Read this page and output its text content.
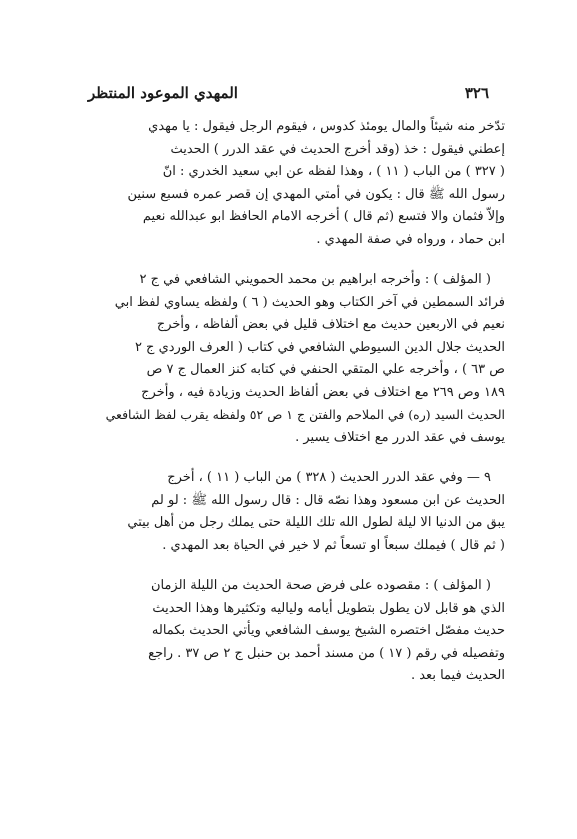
٣٢٦
المهدي الموعود المنتظر

تدّخر منه شيئاً والمال يومئذ كدوس ، فيقوم الرجل فيقول : يا مهدي
إعطني فيقول : خذ (وقد أخرج الحديث في عقد الدرر ) الحديث
( ٣٢٧ ) من الباب ( ١١ ) ، وهذا لفظه عن ابي سعيد الخدري : انّ
رسول الله ﷺ قال : يكون في أمتي المهدي إن قصر عمره فسبع سنين
وإلاّ فثمان والا فتسع (ثم قال ) أخرجه الامام الحافظ ابو عبدالله نعيم
ابن حماد ، ورواه في صفة المهدي .

( المؤلف ) : وأخرجه ابراهيم بن محمد الحمويني الشافعي في ج ٢
فرائد السمطين في آخر الكتاب وهو الحديث ( ٦ ) ولفظه يساوي لفظ ابي
نعيم في الاربعين حديث مع اختلاف قليل في بعض ألفاظه ، وأخرج
الحديث جلال الدين السيوطي الشافعي في كتاب ( العرف الوردي ج ٢
ص ٦٣ ) ، وأخرجه علي المتقي الحنفي في كتابه كنز العمال ج ٧ ص
١٨٩ وص ٢٦٩ مع اختلاف في بعض ألفاظ الحديث وزيادة فيه ، وأخرج
الحديث السيد (ره) في الملاحم والفتن ج ١ ص ٥٢ ولفظه يقرب لفظ الشافعي
يوسف في عقد الدرر مع اختلاف يسير .

٩ — وفي عقد الدرر الحديث ( ٣٢٨ ) من الباب ( ١١ ) ، أخرج
الحديث عن ابن مسعود وهذا نصّه قال : قال رسول الله ﷺ : لو لم
يبق من الدنيا الا ليلة لطول الله تلك الليلة حتى يملك رجل من أهل بيتي
( ثم قال ) فيملك سبعاً او تسعاً ثم لا خير في الحياة بعد المهدي .

( المؤلف ) : مقصوده على فرض صحة الحديث من الليلة الزمان
الذي هو قابل لان يطول بتطويل أيامه ولياليه وتكثيرها وهذا الحديث
حديث مفصّل اختصره الشيخ يوسف الشافعي ويأتي الحديث بكماله
وتفصيله في رقم ( ١٧ ) من مسند أحمد بن حنبل ج ٢ ص ٣٧ . راجع
الحديث فيما بعد .
